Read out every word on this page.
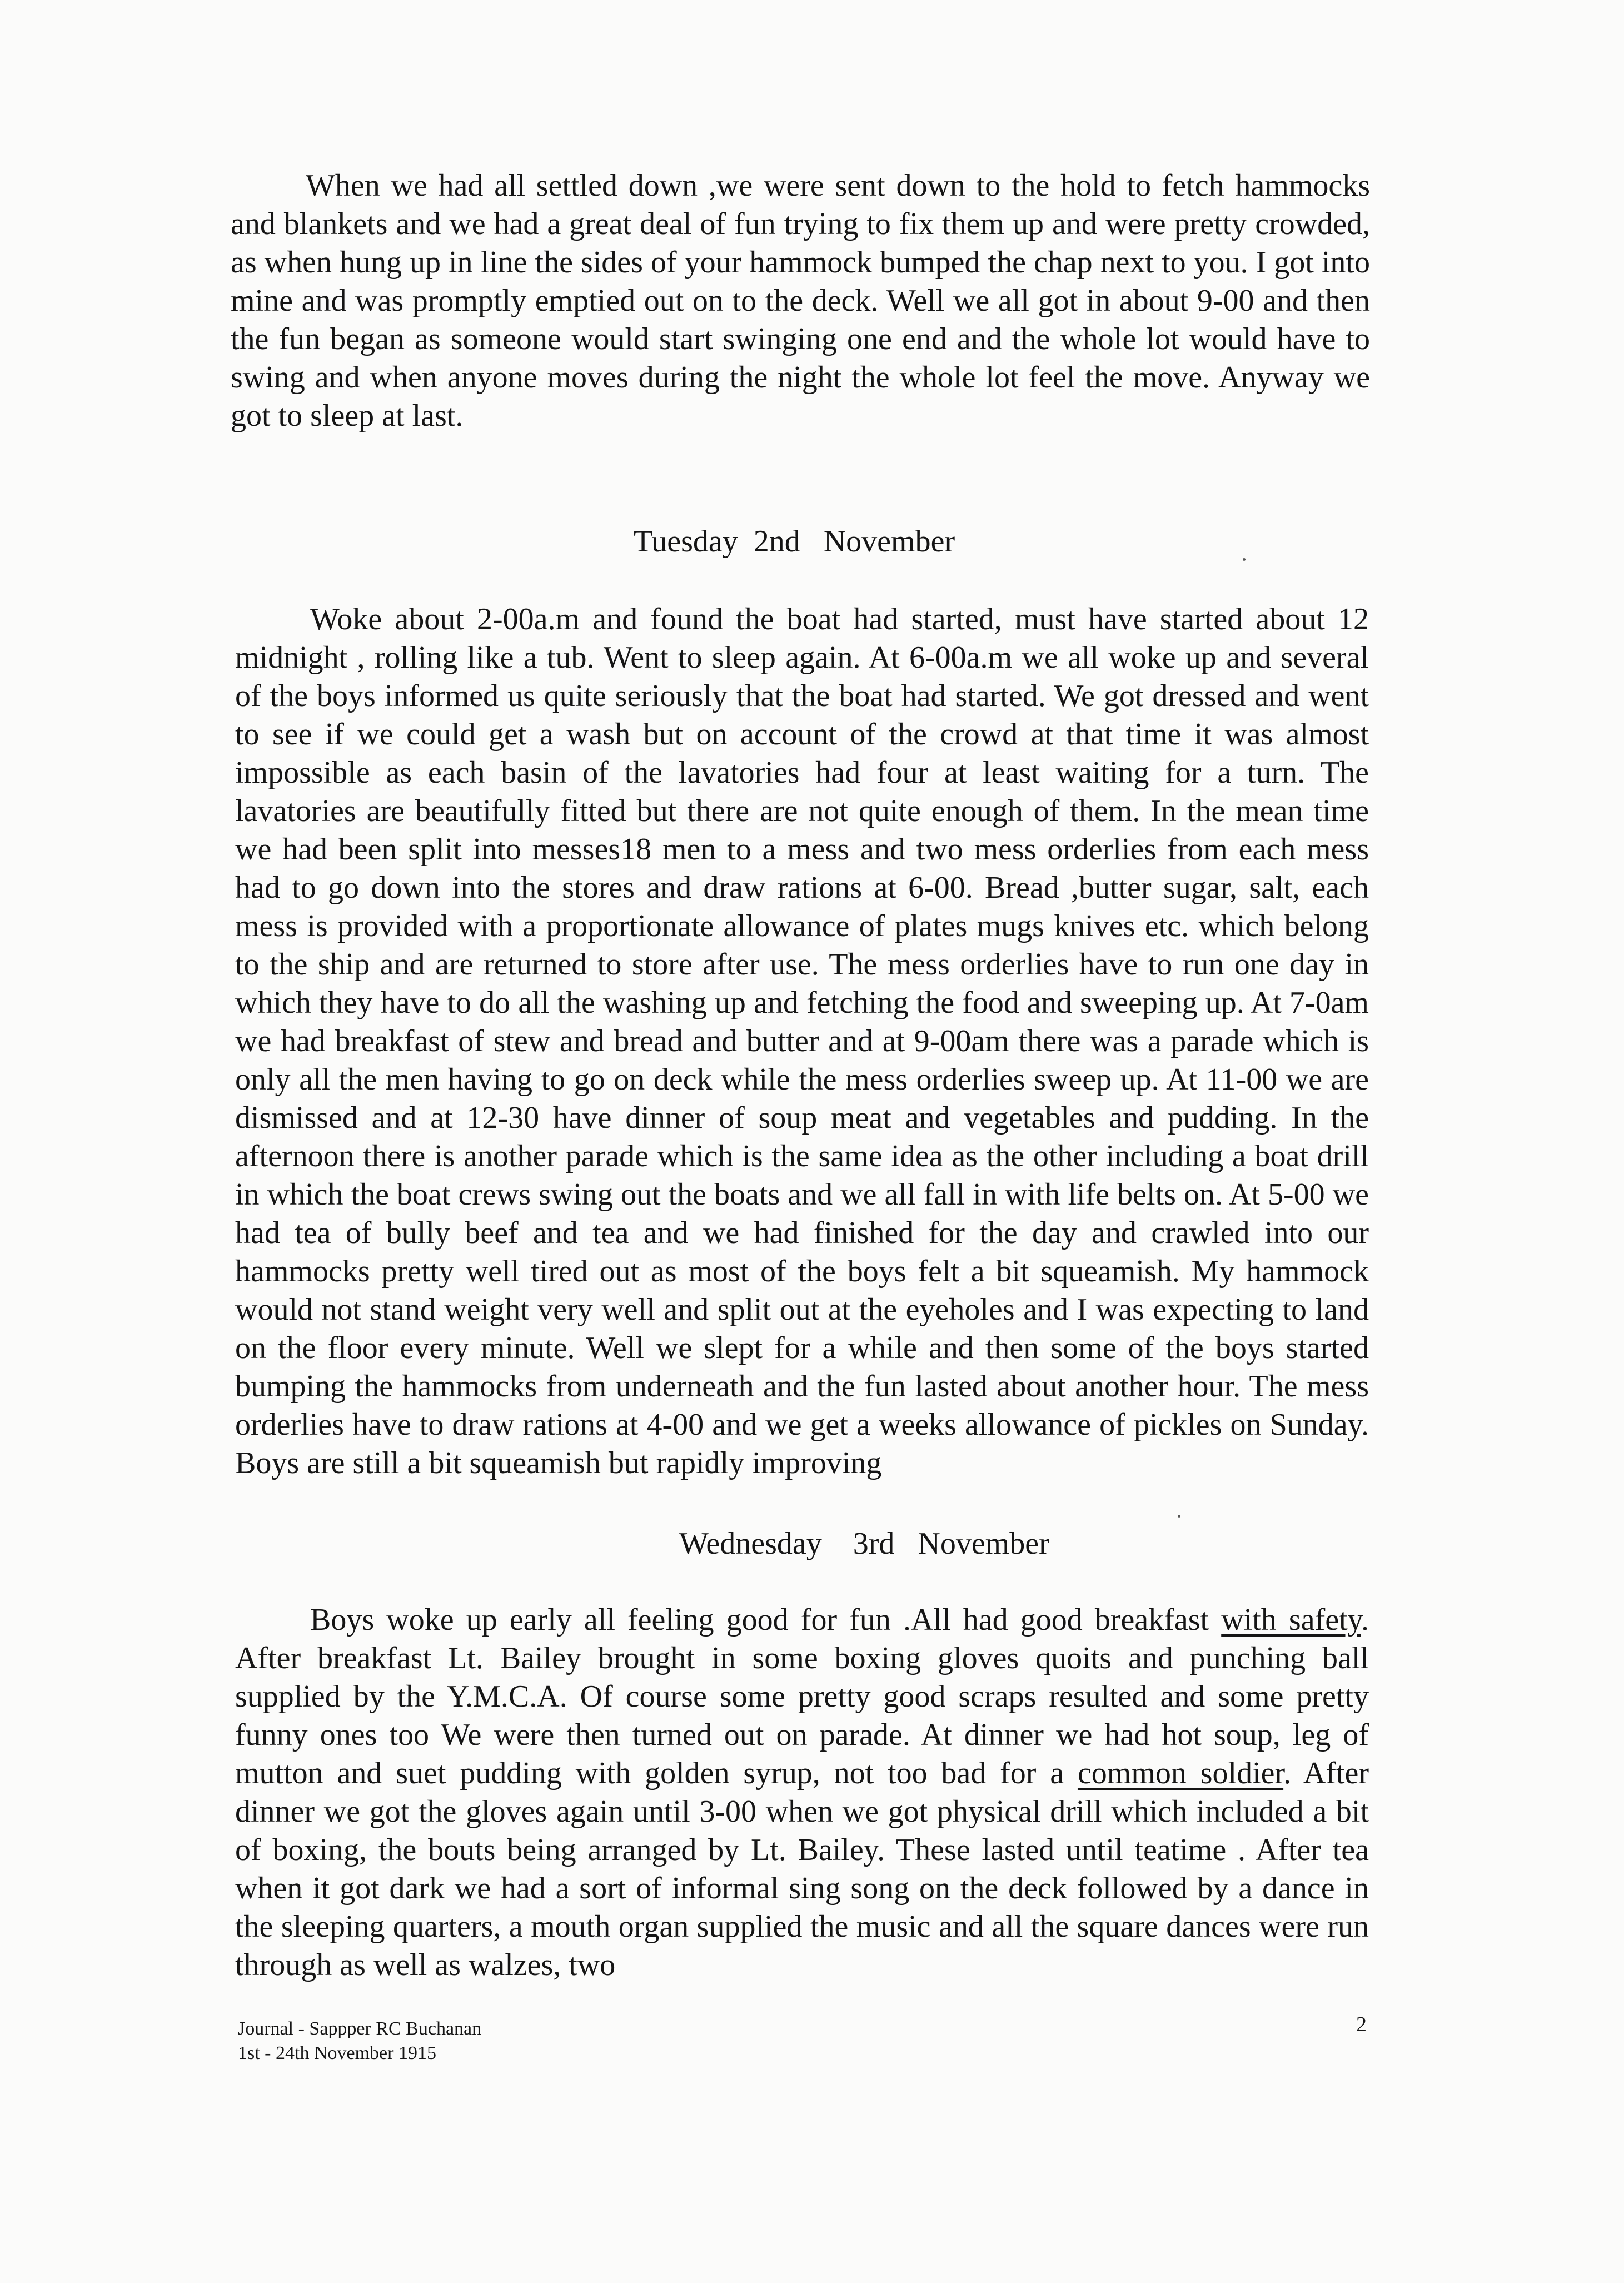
When we had all settled down ,we were sent down to the hold to fetch hammocks and blankets and we had a great deal of fun trying to fix them up and were pretty crowded, as when hung up in line the sides of your hammock bumped the chap next to you. I got into mine and was promptly emptied out on to the deck. Well we all got in about 9-00 and then the fun began as someone would start swinging one end and the whole lot would have to swing and when anyone moves during the night the whole lot feel the move. Anyway we got to sleep at last.

Tuesday  2nd   November

Woke about 2-00a.m and found the boat had started, must have started about 12 midnight , rolling like a tub. Went to sleep again. At 6-00a.m we all woke up and several of the boys informed us quite seriously that the boat had started. We got dressed and went to see if we could get a wash but on account of the crowd at that time it was almost impossible as each basin of the lavatories had four at least waiting for a turn. The lavatories are beautifully fitted but there are not quite enough of them. In the mean time we had been split into messes18 men to a mess and two mess orderlies from each mess had to go down into the stores and draw rations at 6-00. Bread ,butter sugar, salt, each mess is provided with a proportionate allowance of plates mugs knives etc. which belong to the ship and are returned to store after use. The mess orderlies have to run one day in which they have to do all the washing up and fetching the food and sweeping up. At 7-0am we had breakfast of stew and bread and butter and at 9-00am there was a parade which is only all the men having to go on deck while the mess orderlies sweep up. At 11-00 we are dismissed and at 12-30 have dinner of soup meat and vegetables and pudding. In the afternoon there is another parade which is the same idea as the other including a boat drill in which the boat crews swing out the boats and we all fall in with life belts on. At 5-00 we had tea of bully beef and tea and we had finished for the day and crawled into our hammocks pretty well tired out as most of the boys felt a bit squeamish. My hammock would not stand weight very well and split out at the eyeholes and I was expecting to land on the floor every minute. Well we slept for a while and then some of the boys started bumping the hammocks from underneath and the fun lasted about another hour. The mess orderlies have to draw rations at 4-00 and we get a weeks allowance of pickles on Sunday. Boys are still a bit squeamish but rapidly improving

Wednesday    3rd   November

Boys woke up early all feeling good for fun .All had good breakfast with safety. After breakfast Lt. Bailey brought in some boxing gloves quoits and punching ball supplied by the Y.M.C.A. Of course some pretty good scraps resulted and some pretty funny ones too We were then turned out on parade. At dinner we had hot soup, leg of mutton and suet pudding with golden syrup, not too bad for a common soldier. After dinner we got the gloves again until 3-00 when we got physical drill which included a bit of boxing, the bouts being arranged by Lt. Bailey. These lasted until teatime . After tea when it got dark we had a sort of informal sing song on the deck followed by a dance in the sleeping quarters, a mouth organ supplied the music and all the square dances were run through as well as walzes, two

Journal - Sappper RC Buchanan
1st - 24th November 1915
2
